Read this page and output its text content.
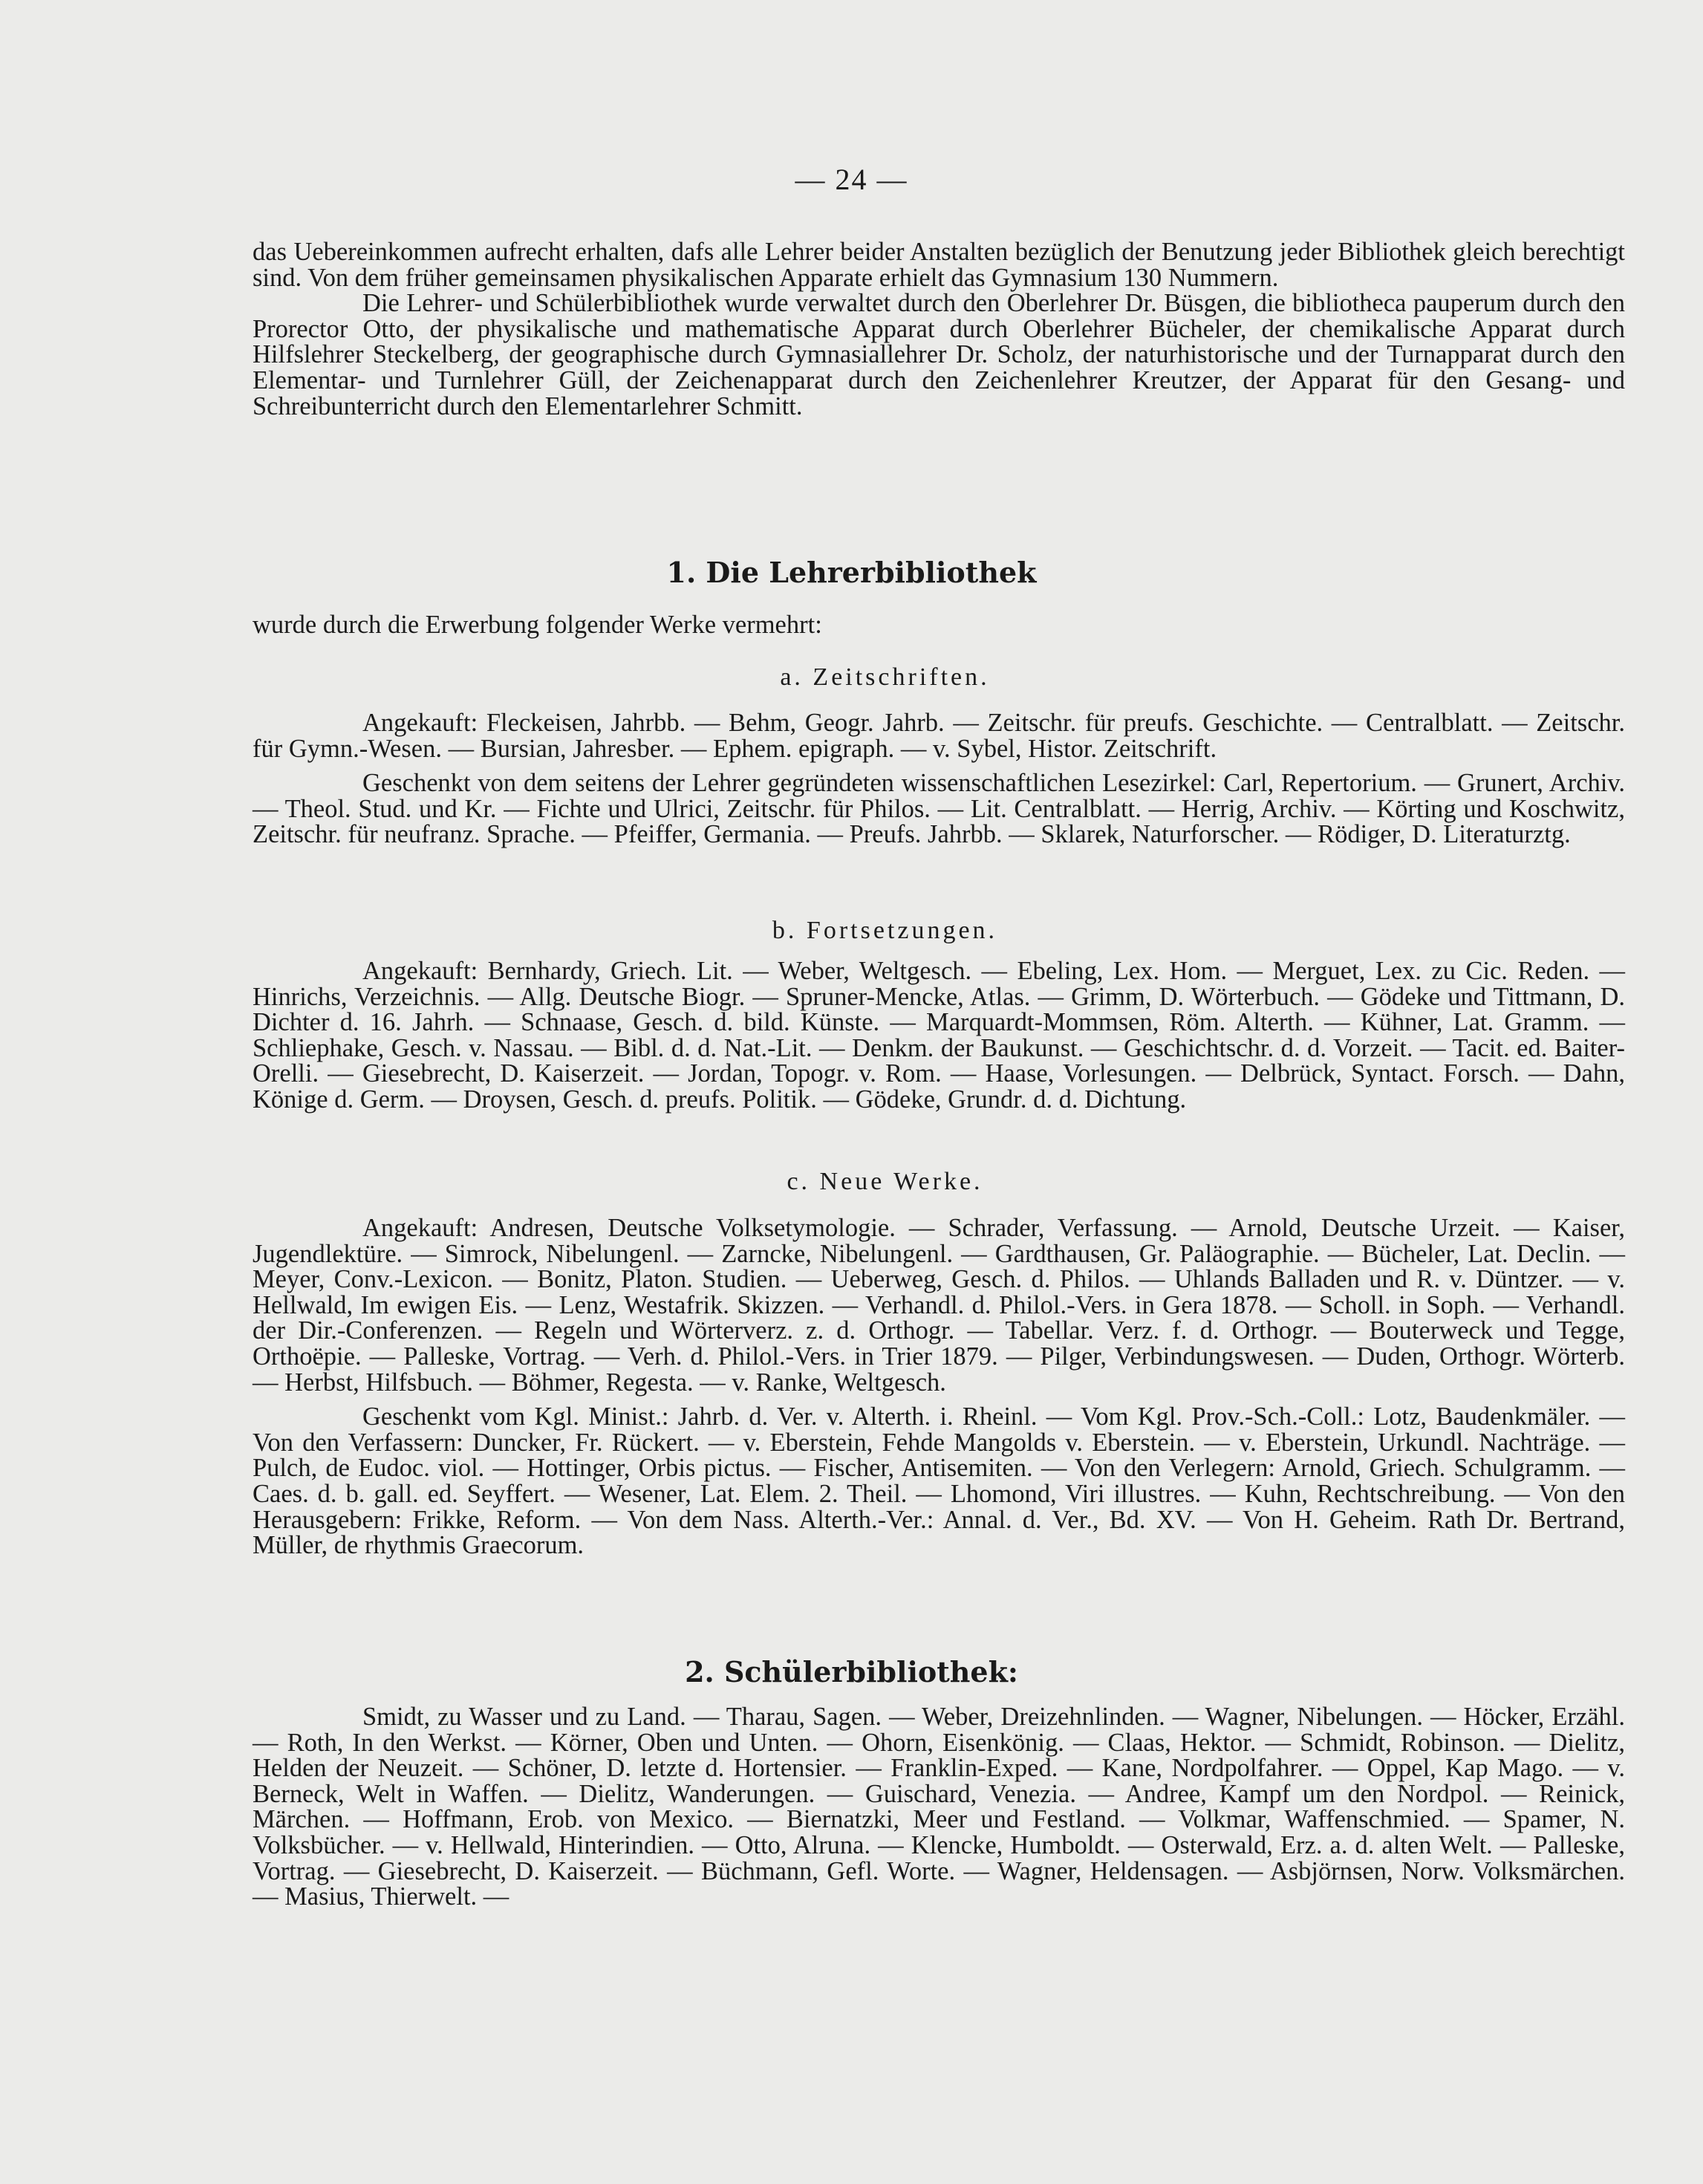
— 24 —

das Uebereinkommen aufrecht erhalten, dafs alle Lehrer beider Anstalten bezüglich der Benutzung jeder Bibliothek gleich berechtigt sind. Von dem früher gemeinsamen physikalischen Apparate erhielt das Gymnasium 130 Nummern.

Die Lehrer- und Schülerbibliothek wurde verwaltet durch den Oberlehrer Dr. Büsgen, die bibliotheca pauperum durch den Prorector Otto, der physikalische und mathematische Apparat durch Oberlehrer Bücheler, der chemikalische Apparat durch Hilfslehrer Steckelberg, der geographische durch Gymnasiallehrer Dr. Scholz, der naturhistorische und der Turnapparat durch den Elementar- und Turnlehrer Güll, der Zeichenapparat durch den Zeichenlehrer Kreutzer, der Apparat für den Gesang- und Schreibunterricht durch den Elementarlehrer Schmitt.

1. Die Lehrerbibliothek
wurde durch die Erwerbung folgender Werke vermehrt:
a. Zeitschriften.

Angekauft: Fleckeisen, Jahrbb. — Behm, Geogr. Jahrb. — Zeitschr. für preufs. Geschichte. — Centralblatt. — Zeitschr. für Gymn.-Wesen. — Bursian, Jahresber. — Ephem. epigraph. — v. Sybel, Histor. Zeitschrift.

Geschenkt von dem seitens der Lehrer gegründeten wissenschaftlichen Lesezirkel: Carl, Repertorium. — Grunert, Archiv. — Theol. Stud. und Kr. — Fichte und Ulrici, Zeitschr. für Philos. — Lit. Centralblatt. — Herrig, Archiv. — Körting und Koschwitz, Zeitschr. für neufranz. Sprache. — Pfeiffer, Germania. — Preufs. Jahrbb. — Sklarek, Naturforscher. — Rödiger, D. Literaturztg.

b. Fortsetzungen.

Angekauft: Bernhardy, Griech. Lit. — Weber, Weltgesch. — Ebeling, Lex. Hom. — Merguet, Lex. zu Cic. Reden. — Hinrichs, Verzeichnis. — Allg. Deutsche Biogr. — Spruner-Mencke, Atlas. — Grimm, D. Wörterbuch. — Gödeke und Tittmann, D. Dichter d. 16. Jahrh. — Schnaase, Gesch. d. bild. Künste. — Marquardt-Mommsen, Röm. Alterth. — Kühner, Lat. Gramm. — Schliephake, Gesch. v. Nassau. — Bibl. d. d. Nat.-Lit. — Denkm. der Baukunst. — Geschichtschr. d. d. Vorzeit. — Tacit. ed. Baiter-Orelli. — Giesebrecht, D. Kaiserzeit. — Jordan, Topogr. v. Rom. — Haase, Vorlesungen. — Delbrück, Syntact. Forsch. — Dahn, Könige d. Germ. — Droysen, Gesch. d. preufs. Politik. — Gödeke, Grundr. d. d. Dichtung.

c. Neue Werke.

Angekauft: Andresen, Deutsche Volksetymologie. — Schrader, Verfassung. — Arnold, Deutsche Urzeit. — Kaiser, Jugendlektüre. — Simrock, Nibelungenl. — Zarncke, Nibelungenl. — Gardthausen, Gr. Paläographie. — Bücheler, Lat. Declin. — Meyer, Conv.-Lexicon. — Bonitz, Platon. Studien. — Ueberweg, Gesch. d. Philos. — Uhlands Balladen und R. v. Düntzer. — v. Hellwald, Im ewigen Eis. — Lenz, Westafrik. Skizzen. — Verhandl. d. Philol.-Vers. in Gera 1878. — Scholl. in Soph. — Verhandl. der Dir.-Conferenzen. — Regeln und Wörterverz. z. d. Orthogr. — Tabellar. Verz. f. d. Orthogr. — Bouterweck und Tegge, Orthoëpie. — Palleske, Vortrag. — Verh. d. Philol.-Vers. in Trier 1879. — Pilger, Verbindungswesen. — Duden, Orthogr. Wörterb. — Herbst, Hilfsbuch. — Böhmer, Regesta. — v. Ranke, Weltgesch.

Geschenkt vom Kgl. Minist.: Jahrb. d. Ver. v. Alterth. i. Rheinl. — Vom Kgl. Prov.-Sch.-Coll.: Lotz, Baudenkmäler. — Von den Verfassern: Duncker, Fr. Rückert. — v. Eberstein, Fehde Mangolds v. Eberstein. — v. Eberstein, Urkundl. Nachträge. — Pulch, de Eudoc. viol. — Hottinger, Orbis pictus. — Fischer, Antisemiten. — Von den Verlegern: Arnold, Griech. Schulgramm. — Caes. d. b. gall. ed. Seyffert. — Wesener, Lat. Elem. 2. Theil. — Lhomond, Viri illustres. — Kuhn, Rechtschreibung. — Von den Herausgebern: Frikke, Reform. — Von dem Nass. Alterth.-Ver.: Annal. d. Ver., Bd. XV. — Von H. Geheim. Rath Dr. Bertrand, Müller, de rhythmis Graecorum.

2. Schülerbibliothek:

Smidt, zu Wasser und zu Land. — Tharau, Sagen. — Weber, Dreizehnlinden. — Wagner, Nibelungen. — Höcker, Erzähl. — Roth, In den Werkst. — Körner, Oben und Unten. — Ohorn, Eisenkönig. — Claas, Hektor. — Schmidt, Robinson. — Dielitz, Helden der Neuzeit. — Schöner, D. letzte d. Hortensier. — Franklin-Exped. — Kane, Nordpolfahrer. — Oppel, Kap Mago. — v. Berneck, Welt in Waffen. — Dielitz, Wanderungen. — Guischard, Venezia. — Andree, Kampf um den Nordpol. — Reinick, Märchen. — Hoffmann, Erob. von Mexico. — Biernatzki, Meer und Festland. — Volkmar, Waffenschmied. — Spamer, N. Volksbücher. — v. Hellwald, Hinterindien. — Otto, Alruna. — Klencke, Humboldt. — Osterwald, Erz. a. d. alten Welt. — Palleske, Vortrag. — Giesebrecht, D. Kaiserzeit. — Büchmann, Gefl. Worte. — Wagner, Heldensagen. — Asbjörnsen, Norw. Volksmärchen. — Masius, Thierwelt. —
